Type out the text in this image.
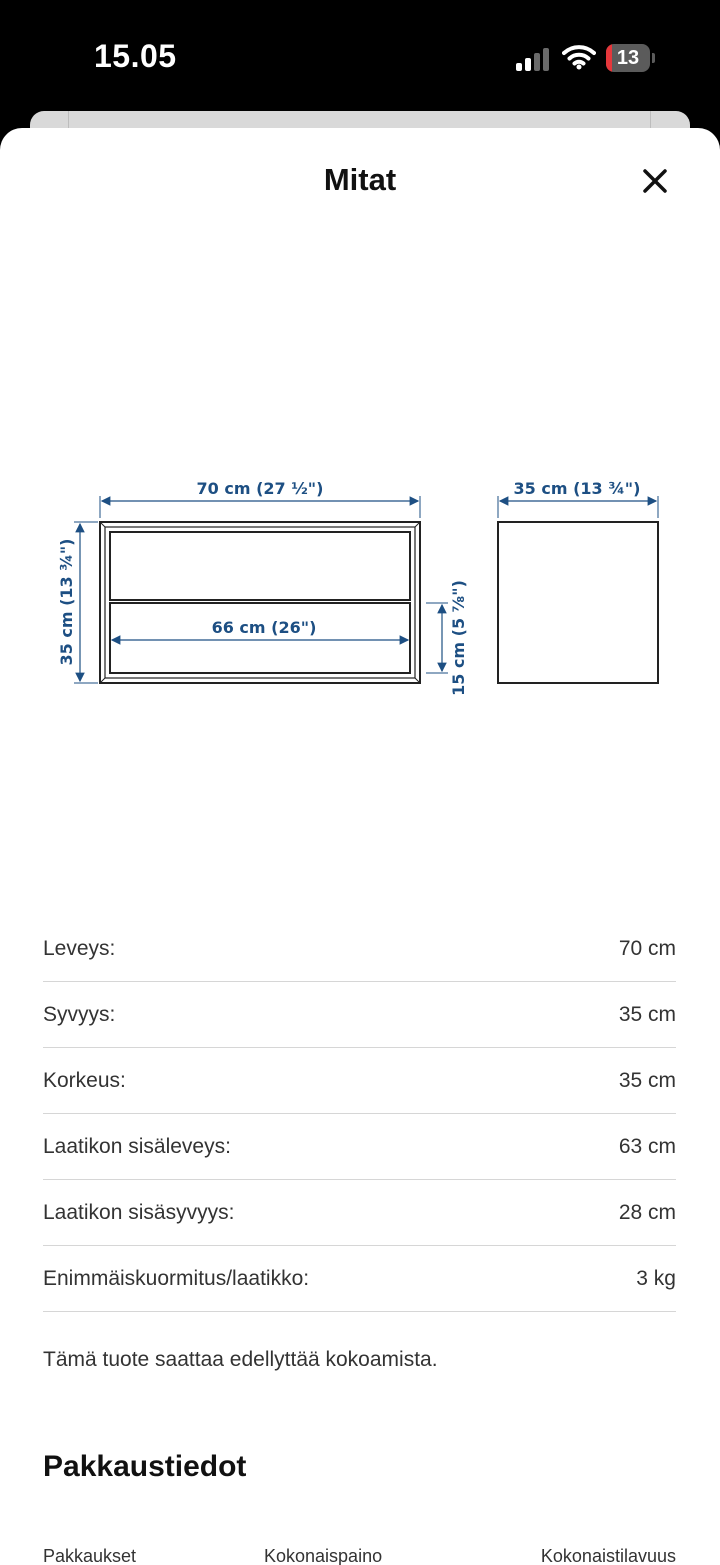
15.05	13
Mitat
70 cm (27 ½")
35 cm (13 ¾")	66 cm (26")	15 cm (5 ⅞")
35 cm (13 ¾")
Leveys:	70 cm
Syvyys:	35 cm
Korkeus:	35 cm
Laatikon sisäleveys:	63 cm
Laatikon sisäsyvyys:	28 cm
Enimmäiskuormitus/laatikko:	3 kg
Tämä tuote saattaa edellyttää kokoamista.
Pakkaustiedot
Pakkaukset	Kokonaispaino	Kokonaistilavuus
